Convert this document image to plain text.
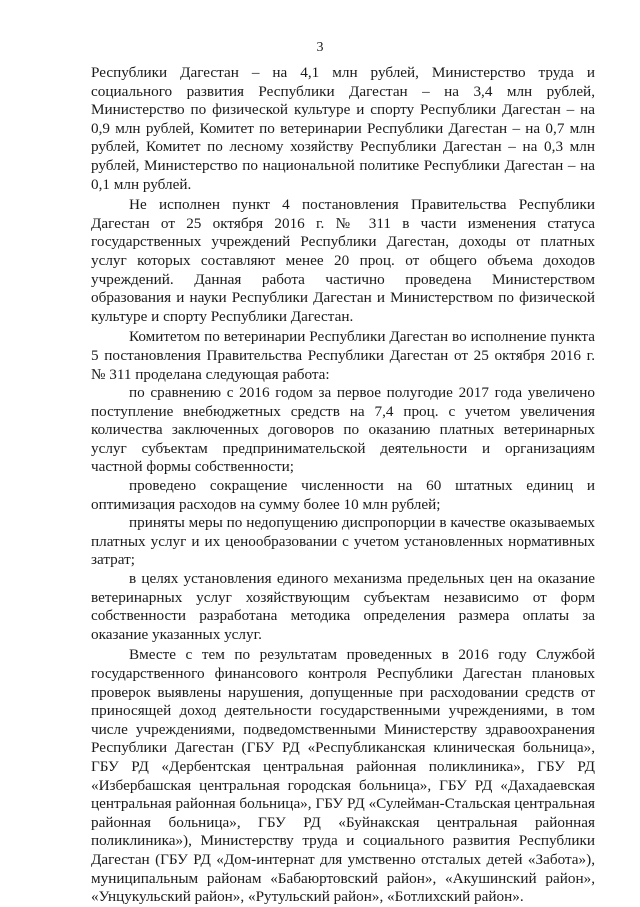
3

Республики Дагестан – на 4,1 млн рублей, Министерство труда и социального развития Республики Дагестан – на 3,4 млн рублей, Министерство по физической культуре и спорту Республики Дагестан – на 0,9 млн рублей, Комитет по ветеринарии Республики Дагестан – на 0,7 млн рублей, Комитет по лесному хозяйству Республики Дагестан – на 0,3 млн рублей, Министерство по национальной политике Республики Дагестан – на 0,1 млн рублей.

Не исполнен пункт 4 постановления Правительства Республики Дагестан от 25 октября 2016 г. № 311 в части изменения статуса государственных учреждений Республики Дагестан, доходы от платных услуг которых составляют менее 20 проц. от общего объема доходов учреждений. Данная работа частично проведена Министерством образования и науки Республики Дагестан и Министерством по физической культуре и спорту Республики Дагестан.

Комитетом по ветеринарии Республики Дагестан во исполнение пункта 5 постановления Правительства Республики Дагестан от 25 октября 2016 г. № 311 проделана следующая работа:

по сравнению с 2016 годом за первое полугодие 2017 года увеличено поступление внебюджетных средств на 7,4 проц. с учетом увеличения количества заключенных договоров по оказанию платных ветеринарных услуг субъектам предпринимательской деятельности и организациям частной формы собственности;

проведено сокращение численности на 60 штатных единиц и оптимизация расходов на сумму более 10 млн рублей;

приняты меры по недопущению диспропорции в качестве оказываемых платных услуг и их ценообразовании с учетом установленных нормативных затрат;

в целях установления единого механизма предельных цен на оказание ветеринарных услуг хозяйствующим субъектам независимо от форм собственности разработана методика определения размера оплаты за оказание указанных услуг.

Вместе с тем по результатам проведенных в 2016 году Службой государственного финансового контроля Республики Дагестан плановых проверок выявлены нарушения, допущенные при расходовании средств от приносящей доход деятельности государственными учреждениями, в том числе учреждениями, подведомственными Министерству здравоохранения Республики Дагестан (ГБУ РД «Республиканская клиническая больница», ГБУ РД «Дербентская центральная районная поликлиника», ГБУ РД «Избербашская центральная городская больница», ГБУ РД «Дахадаевская центральная районная больница», ГБУ РД «Сулейман-Стальская центральная районная больница», ГБУ РД «Буйнакская центральная районная поликлиника»), Министерству труда и социального развития Республики Дагестан (ГБУ РД «Дом-интернат для умственно отсталых детей «Забота»), муниципальным районам «Бабаюртовский район», «Акушинский район», «Унцукульский район», «Рутульский район», «Ботлихский район».
